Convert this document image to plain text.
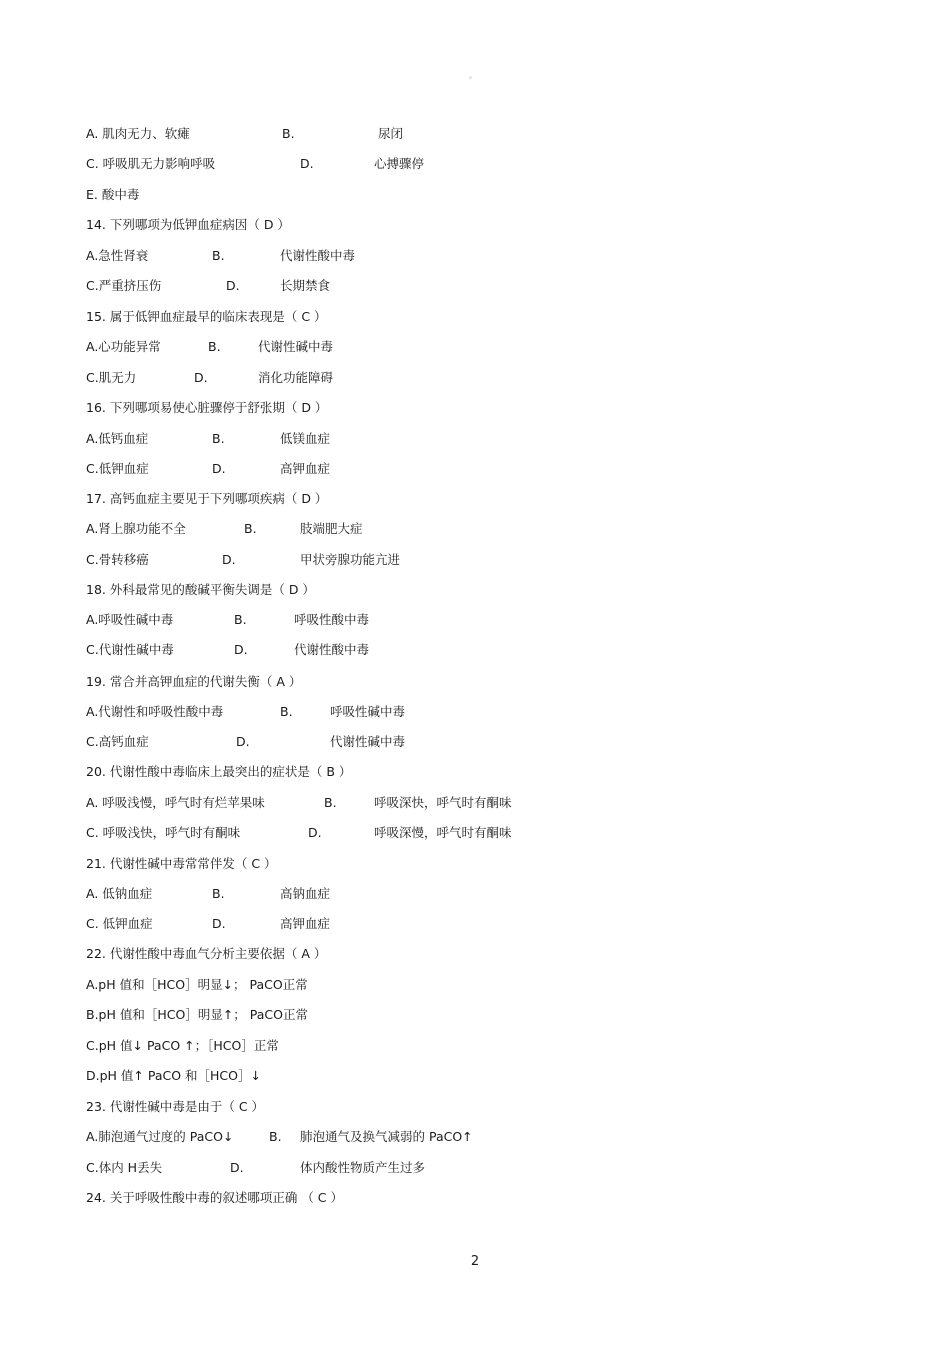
。
A. 肌肉无力、软瘫	B.	尿闭
C. 呼吸肌无力影响呼吸	D.	心搏骤停
E. 酸中毒
14. 下列哪项为低钾血症病因（ D ）
A.急性肾衰	B.	代谢性酸中毒
C.严重挤压伤	D.	长期禁食
15. 属于低钾血症最早的临床表现是（ C ）
A.心功能异常	B.	代谢性碱中毒
C.肌无力	D.	消化功能障碍
16. 下列哪项易使心脏骤停于舒张期（ D ）
A.低钙血症	B.	低镁血症
C.低钾血症	D.	高钾血症
17. 高钙血症主要见于下列哪项疾病（ D ）
A.肾上腺功能不全	B.	肢端肥大症
C.骨转移癌	D.	甲状旁腺功能亢进
18. 外科最常见的酸碱平衡失调是（ D ）
A.呼吸性碱中毒	B.	呼吸性酸中毒
C.代谢性碱中毒	D.	代谢性酸中毒
19. 常合并高钾血症的代谢失衡（ A ）
A.代谢性和呼吸性酸中毒	B.	呼吸性碱中毒
C.高钙血症	D.	代谢性碱中毒
20. 代谢性酸中毒临床上最突出的症状是（ B ）
A. 呼吸浅慢，呼气时有烂苹果味	B.	呼吸深快，呼气时有酮味
C. 呼吸浅快，呼气时有酮味	D.	呼吸深慢，呼气时有酮味
21. 代谢性碱中毒常常伴发（ C ）
A. 低钠血症	B.	高钠血症
C. 低钾血症	D.	高钾血症
22. 代谢性酸中毒血气分析主要依据（ A ）
A.pH 值和［HCO］明显↓； PaCO正常
B.pH 值和［HCO］明显↑； PaCO正常
C.pH 值↓ PaCO ↑；［HCO］正常
D.pH 值↑ PaCO 和［HCO］↓
23. 代谢性碱中毒是由于（ C ）
A.肺泡通气过度的 PaCO↓	B. 肺泡通气及换气减弱的 PaCO↑
C.体内 H丢失	D.	体内酸性物质产生过多
24. 关于呼吸性酸中毒的叙述哪项正确 （ C ）
2
